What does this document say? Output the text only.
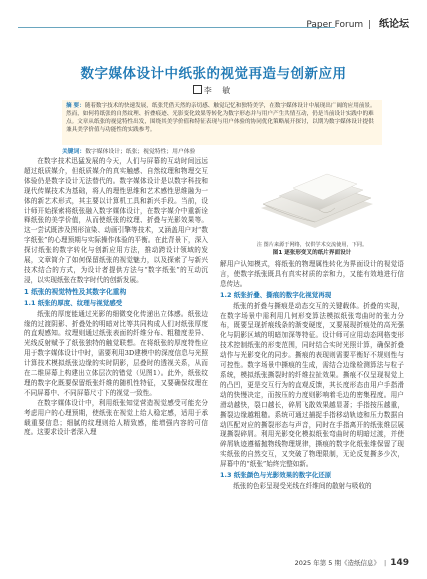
Paper Forum | 纸论坛
数字媒体设计中纸张的视觉再造与创新应用
李 敏
摘 要：随着数字技术的快速发展，纸张凭借天然的亲切感、触觉记忆和独特美学，在数字媒体设计中展现出广阔的应用前景。然而，如何将纸张的自然纹理、折叠痕迹、光影变化效果等转化为数字形态并与用户产生共情互动，仍是当前设计实践中的难点。文章从纸张的视觉特性出发，围绕其美学价值和特征表现与用户体验的协同优化策略展开探讨，以期为数字媒体设计提供兼具美学价值与功能性的实践参考。
关键词：数字媒体设计；纸张；视觉特性；用户体验

在数字技术迅猛发展的今天，人们与屏幕的互动时间远远超过纸质媒介，但纸质媒介的真实触感、自然纹理和物理交互体验仍是数字设计无法替代的。数字媒体设计是以数字科技和现代传媒技术为基础，将人的理性思维和艺术感性思维融为一体的新艺术形式，其主要以计算机工具和新兴手段。当前，设计师开始探索将纸张融入数字媒体设计，在数字媒介中重新诠释纸张的美学价值，从而使纸张的纹理、折叠与光影效果等。这一尝试既涉及图形渲染、动画引擎等技术，又涵盖用户对“数字纸张”的心理预期与实际操作体验的平衡。在此背景下，深入探讨纸张的数字转化与创新应用方法，推动跨设计领域的发展，文章简介了如何保留纸张的视觉魅力，以及探索了与新兴技术结合的方式，为设计者提供方法与“数字纸张”的互动沉浸，以实现纸张在数字时代的创新发展。

1 纸张的视觉特性及其数字化重构
1.1 纸张的厚度、纹理与视觉感受

纸张的厚度能通过光影的细微变化传递出立体感。纸张边缘的过渡阴影、折叠处的明暗对比等共同构成人们对纸张厚度的直观感知。纹理则通过纸张表面的纤维分布、粗糙度差异、光线反射赋予了纸张独特的触觉联想。在将纸张的厚度特性应用于数字媒体设计中时，需要利用3D建模中的深度信息与光照计算技术模拟纸张边缘的实时阴影，层叠时的透视关系，从而在二维屏幕上构建出立体层次的错觉（见图1）。此外，纸张纹理的数字化既要保留纸张纤维的随机性特征，又要确保纹理在不同屏幕中、不同屏幕尺寸下的视觉一致性。

在数字媒体设计中，利用纸张知觉营造视觉感受可能充分考虑用户的心理预期，使纸张在视觉上给人稳定感，适用于承载重要信息；细腻的纹理则给人精致感，能增强内容的可信度。这要求设计者深入理

注 图片来源于网络，仅供学术交流使用，下同。
图1 逐张形变叉的纸片界面设计

解用户认知模式，将纸张的物理属性转化为界面设计的视觉语言，使数字纸张既具有真实材质的亲和力，又能有效地进行信息传达。

1.2 纸张折叠、撕痕的数字化视觉再现

纸张的折叠与撕痕是动态交互的关键载体。折叠的实现，在数字场景中需利用几何形变算法模拟纸张弯曲时的张力分布，既要呈现折痕线条的渐变硬度，又要展现折痕处的高光强化与阴影区域的明暗加深等特征。设计师可应用动态网格变形技术控制纸张的形变范围，同时结合实时光照计算，确保折叠动作与光影变化的同步。撕痕的表现则需要平衡好不规则性与可控性。数字场景中撕痕的生成，需结合边缘检测算法与粒子系统，模拟纸张撕裂时的纤维拉扯效果。撕痕不仅呈现视觉上的凸凹，更是交互行为的直观反馈，其长度形态由用户手指滑动的快慢决定，而按压的力度则影响着毛边的密集程度。用户滑动越快，裂口越长，碎屑飞散效果越显著；手指按压越重，撕裂边缘越粗糙。系统可通过捕捉手指移动轨迹和压力数据自动匹配对应的撕裂形态与声音，同时在手指离开的纸张维层展现撕裂碎屑。利用光影变化模拟纸张弯曲时的明暗过渡，并使碎屑轨迹遵循抛物线物理规律，撕痕的数字化纸张维保留了现实纸张的自然交互，又突破了物理限制，无论反复撕多少次，屏幕中的“纸张”始终完整如新。

1.3 纸张颜色与光影效果的数字化还原

纸张的色彩呈现受光线在纤维间的散射与吸收的

2025 年第 5 期《造纸信息》 | 149
